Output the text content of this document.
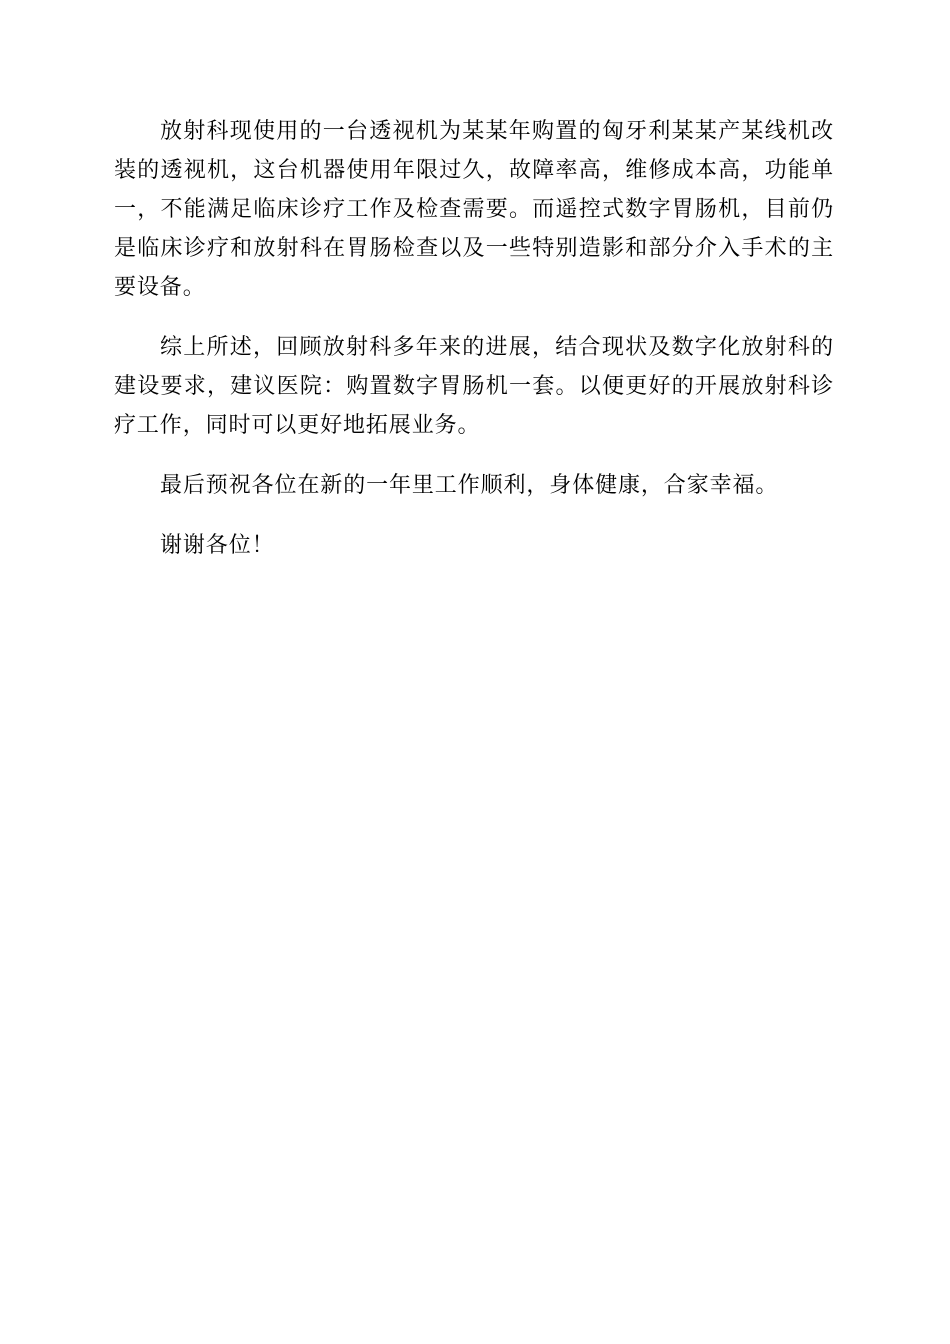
放射科现使用的一台透视机为某某年购置的匈牙利某某产某线机改装的透视机，这台机器使用年限过久，故障率高，维修成本高，功能单一，不能满足临床诊疗工作及检查需要。而遥控式数字胃肠机，目前仍是临床诊疗和放射科在胃肠检查以及一些特别造影和部分介入手术的主要设备。

综上所述，回顾放射科多年来的进展，结合现状及数字化放射科的建设要求，建议医院：购置数字胃肠机一套。以便更好的开展放射科诊疗工作，同时可以更好地拓展业务。

最后预祝各位在新的一年里工作顺利，身体健康，合家幸福。

谢谢各位！
